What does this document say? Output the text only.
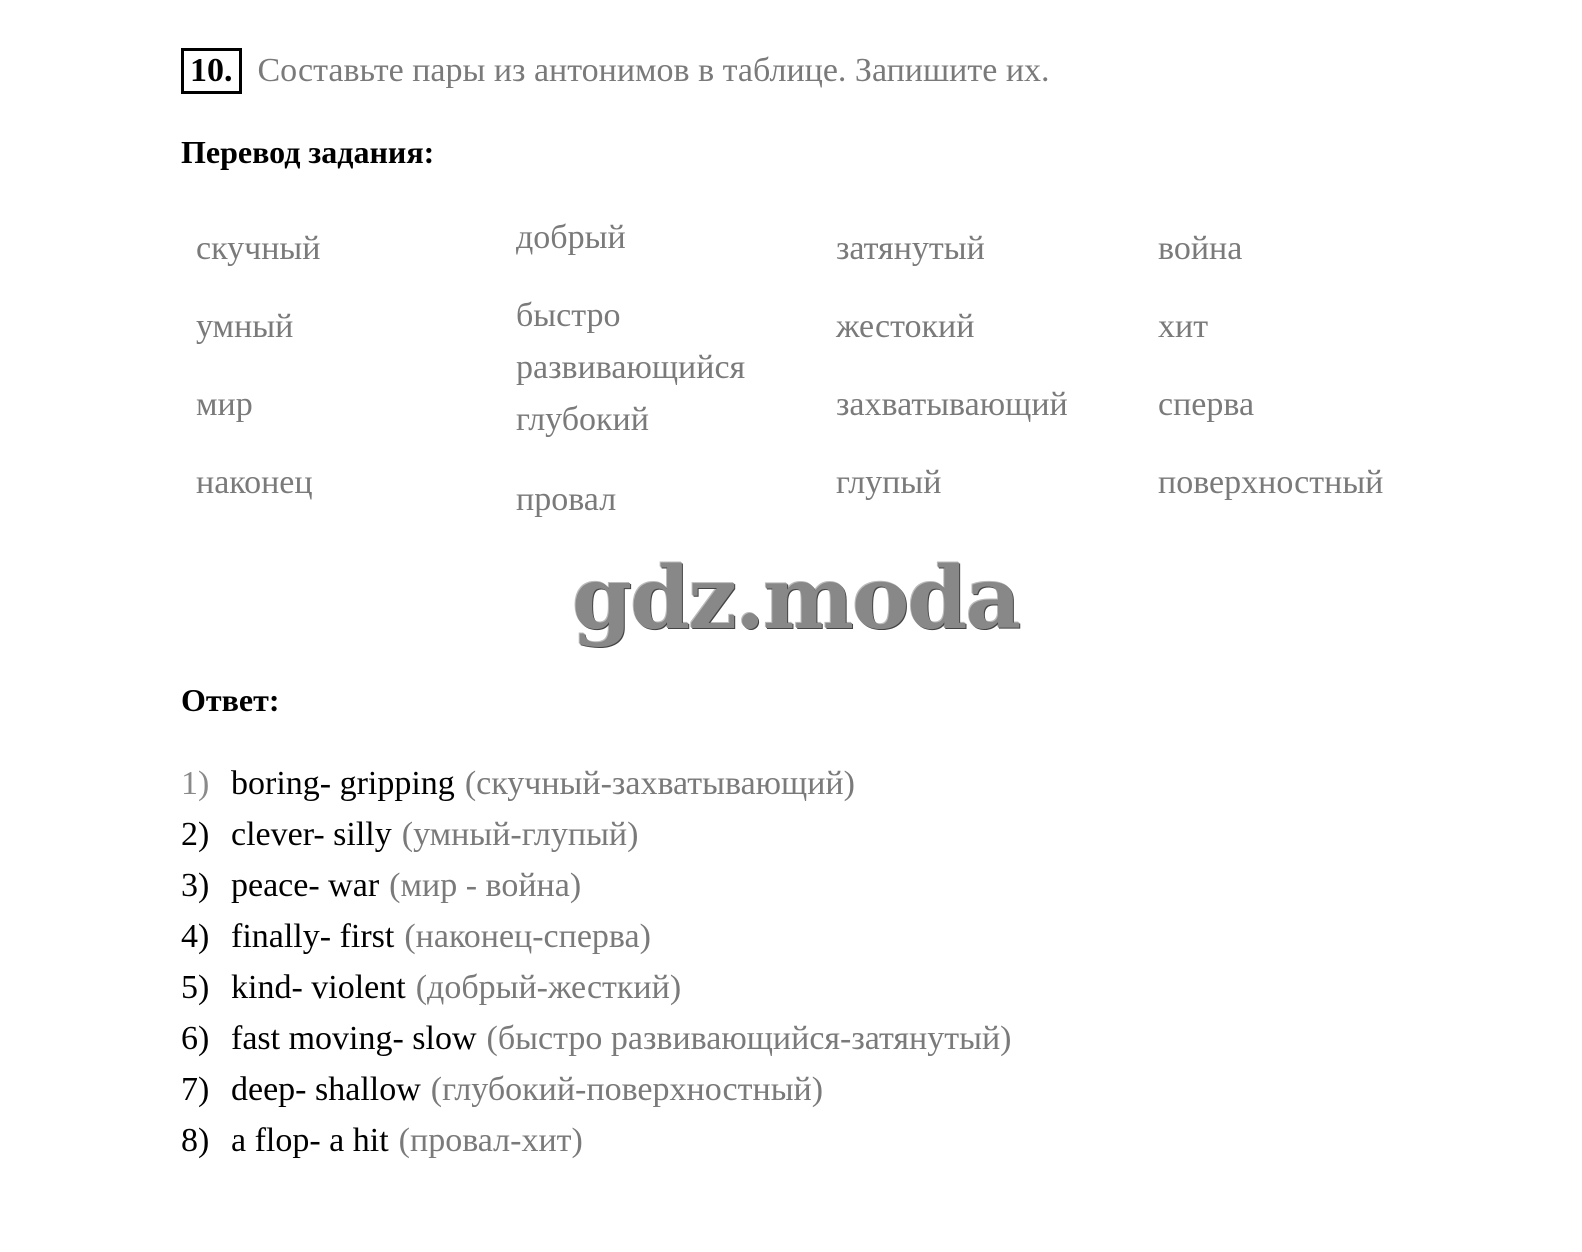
10. Составьте пары из антонимов в таблице. Запишите их.
Перевод задания:
скучный
умный
мир
наконец
добрый
быстро развивающийся
глубокий
провал
затянутый
жестокий
захватывающий
глупый
война
хит
сперва
поверхностный
gdz.moda
Ответ:
1) boring- gripping (скучный-захватывающий)
2) clever- silly (умный-глупый)
3) peace- war (мир - война)
4) finally- first (наконец-сперва)
5) kind- violent (добрый-жесткий)
6) fast moving- slow (быстро развивающийся-затянутый)
7) deep- shallow (глубокий-поверхностный)
8) a flop- a hit (провал-хит)
